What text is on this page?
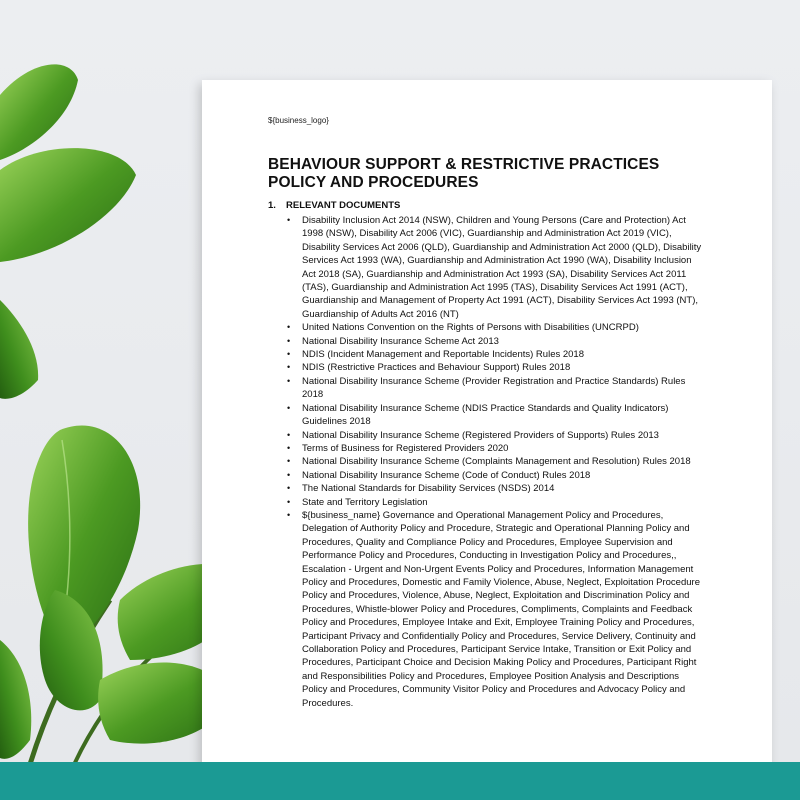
${business_logo}
BEHAVIOUR SUPPORT & RESTRICTIVE PRACTICES
POLICY AND PROCEDURES
1. RELEVANT DOCUMENTS
• Disability Inclusion Act 2014 (NSW), Children and Young Persons (Care and Protection) Act 1998 (NSW), Disability Act 2006 (VIC), Guardianship and Administration Act 2019 (VIC), Disability Services Act 2006 (QLD), Guardianship and Administration Act 2000 (QLD), Disability Services Act 1993 (WA), Guardianship and Administration Act 1990 (WA), Disability Inclusion Act 2018 (SA), Guardianship and Administration Act 1993 (SA), Disability Services Act 2011 (TAS), Guardianship and Administration Act 1995 (TAS), Disability Services Act 1991 (ACT), Guardianship and Management of Property Act 1991 (ACT), Disability Services Act 1993 (NT), Guardianship of Adults Act 2016 (NT)
• United Nations Convention on the Rights of Persons with Disabilities (UNCRPD)
• National Disability Insurance Scheme Act 2013
• NDIS (Incident Management and Reportable Incidents) Rules 2018
• NDIS (Restrictive Practices and Behaviour Support) Rules 2018
• National Disability Insurance Scheme (Provider Registration and Practice Standards) Rules 2018
• National Disability Insurance Scheme (NDIS Practice Standards and Quality Indicators) Guidelines 2018
• National Disability Insurance Scheme (Registered Providers of Supports) Rules 2013
• Terms of Business for Registered Providers 2020
• National Disability Insurance Scheme (Complaints Management and Resolution) Rules 2018
• National Disability Insurance Scheme (Code of Conduct) Rules 2018
• The National Standards for Disability Services (NSDS) 2014
• State and Territory Legislation
• ${business_name} Governance and Operational Management Policy and Procedures, Delegation of Authority Policy and Procedure, Strategic and Operational Planning Policy and Procedures, Quality and Compliance Policy and Procedures, Employee Supervision and Performance Policy and Procedures, Conducting in Investigation Policy and Procedures,, Escalation - Urgent and Non-Urgent Events Policy and Procedures, Information Management Policy and Procedures, Domestic and Family Violence, Abuse, Neglect, Exploitation Procedure Policy and Procedures, Violence, Abuse, Neglect, Exploitation and Discrimination Policy and Procedures, Whistle-blower Policy and Procedures, Compliments, Complaints and Feedback Policy and Procedures, Employee Intake and Exit, Employee Training Policy and Procedures, Participant Privacy and Confidentially Policy and Procedures, Service Delivery, Continuity and Collaboration Policy and Procedures, Participant Service Intake, Transition or Exit Policy and Procedures, Participant Choice and Decision Making Policy and Procedures, Participant Right and Responsibilities Policy and Procedures, Employee Position Analysis and Descriptions Policy and Procedures, Community Visitor Policy and Procedures and Advocacy Policy and Procedures.
